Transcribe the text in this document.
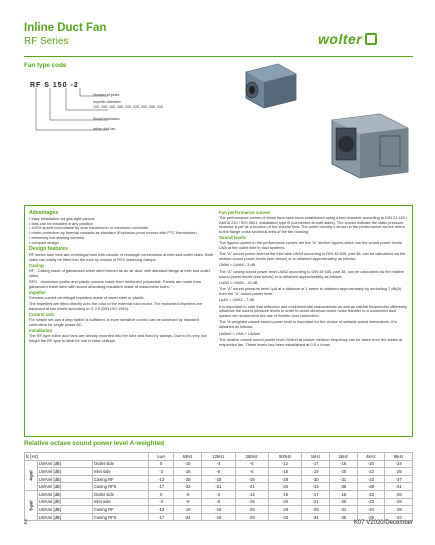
Inline Duct Fan
RF Series	wolter
Fan type code
RF S 150 -2
Number of poles
Impeller diameter
100, 150, 160, 180, 200, 225, 250, 280, 315
Sound insulation
Inline duct fan
Advantages
• easy installation via gas-tight canvas
• fans can be installed in any position
• 100% speed controllable by auto transformer or electronic controller
• motor protection by thermal contacts as standard (Explosion-proof motors with PTC thermistors)
• extremely low starting currents
• compact design
Design features

RF series tube fans are centrifugal fans with circular or rectangle connections at inlet and outlet sides. Both sides can easily be fitted into the tube by means of RSV fastening clamps.

Casing

RF - Casing made of galvanized sheet steel formed as an air duct, with standard flange at inlet and outlet sides.

RFG - aluminium profile and plastic corners made from reinforced polyamide. Panels are made from galvanized sheet steel with sound absorbing insulation made of elastomeric foam.

Impeller

Forward-curved centrifugal impellers made of sheet steel or plastic.

The impellers are fitted directly onto the rotor of the external rotor motor. The motorised impellers are balanced at two levels according to G 2.5 (DIN ISO 1940).

Control unit

For simple set-ups a step switch is sufficient. A more sensitive control can be achieved by standard controllers for single phase AC.

Installation

The RF-type inline duct fans are directly mounted into the tube and fixed by clamps. Due to it's very low height the RF-type is ideal for use in false ceilings.

Fan performance curves

The performance curves of these fans have been established using a test chamber according to DIN 24 163 / AMCA 210 / ISO 5801, installation type B (connected at both sides). The curves indicate the static pressure increase Δ psf as a function of the volume flow. The outlet velocity c shown in the performance curves refers to the flange cross sectional area of the fan housing.

Sound levels

The figures quoted in the performance curves are the "A" decibel figures which are the sound power levels LWA at the outlet side in duct systems.

The "A" sound power level at the inlet side LWA4 according to DIN 45 635, part 38, can be calculated via the relative sound power levels (see below) or is obtained approximately as follows:

LWA4 ≈ LWA6 - 3 dB

The "A" casing sound power level LWA2 according to DIN 45 635, part 38, can be calculated via the relative sound power levels (see below) or is obtained approximately as follows:

LWA2 ≈ LWA6 - 13 dB

The "A" sound pressure level LpA at a distance of 1 metre is obtained approximately by deducting 7 dB(A) from the "A" sound power level:

LpA2 = LWA2 - 7 dB

It is important to note that reflection and environmental characteristic as well as natural frequencies differently influence the sound pressure levels in order to avoid structure-borne noise transfer to a connected duct system we recommend the use of flexible duct connection.

The "A weighted octave sound power level is important for the choice of suitable sound attenuators. It is obtained as follows:

LWArel = LWA + LWArel

The relative octave sound power level LWArel at octave medium frequency can be taken from the tables at respective fan. These levels has been established at 0.5 x Vmax.

Relative octave sound power level A-weighted
fc [Hz]			LwA	63Hz	125Hz	250Hz	500Hz	1kHz	2kHz	4kHz	8kHz
4-pol	LWArel [dB]	Outlet side	0	-15	-4	-6	-12	-17	-16	-20	-24
	LWArel [dB]	Inlet side	-3	-16	-5	-6	-16	-19	-20	-22	-25
	LWArel [dB]	Casing RF	-13	-28	-15	-16	-29	-30	-31	-33	-37
	LWArel [dB]	Casing RFS	-17	-32	-21	-21	-34	-33	-35	-38	-41
6-pol	LWArel [dB]	Outlet side	0	-5	-2	-12	-15	-17	-16	-22	-26
	LWArel [dB]	Inlet side	-3	-9	-5	-15	-20	-21	-20	-23	-28
	LWArel [dB]	Casing RF	-13	-18	-15	-25	-29	-29	-31	-34	-39
	LWArel [dB]	Casing RFS	-17	-24	-19	-29	-33	-34	-35	-39	-43
2	K07 V2020/December
